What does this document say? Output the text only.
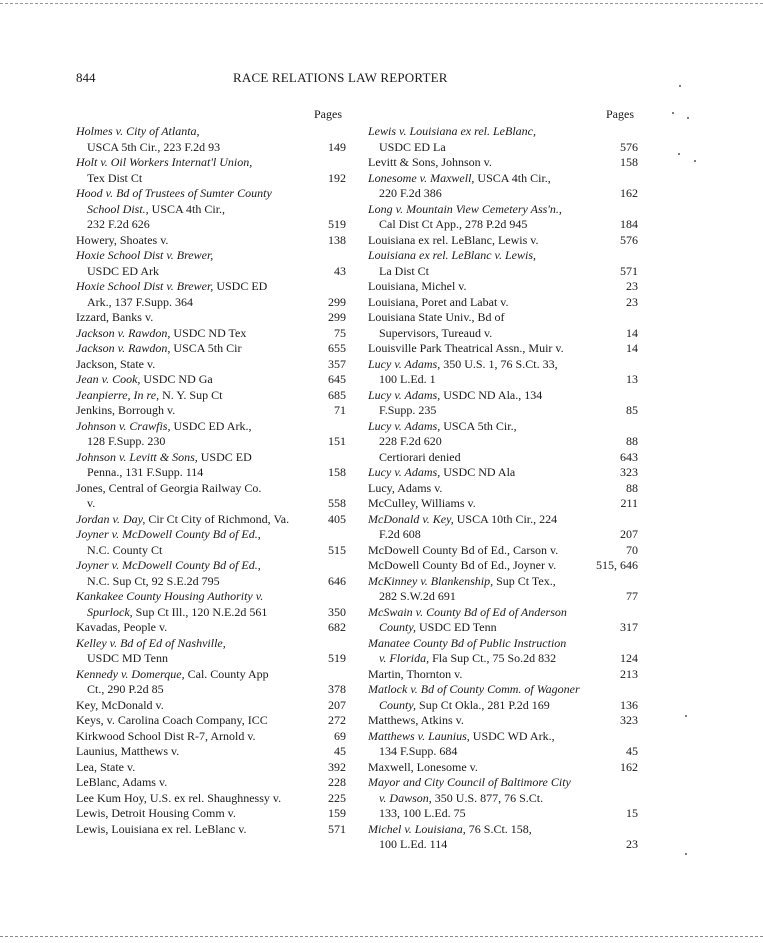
844	RACE RELATIONS LAW REPORTER
Pages	Pages
Holmes v. City of Atlanta,
USCA 5th Cir., 223 F.2d 93	149
Holt v. Oil Workers Internat'l Union,
Tex Dist Ct	192
Hood v. Bd of Trustees of Sumter County
School Dist., USCA 4th Cir.,
232 F.2d 626	519
Howery, Shoates v.	138
Hoxie School Dist v. Brewer,
USDC ED Ark	43
Hoxie School Dist v. Brewer, USDC ED
Ark., 137 F.Supp. 364	299
Izzard, Banks v.	299
Jackson v. Rawdon, USDC ND Tex	75
Jackson v. Rawdon, USCA 5th Cir	655
Jackson, State v.	357
Jean v. Cook, USDC ND Ga	645
Jeanpierre, In re, N. Y. Sup Ct	685
Jenkins, Borrough v.	71
Johnson v. Crawfis, USDC ED Ark.,
128 F.Supp. 230	151
Johnson v. Levitt & Sons, USDC ED
Penna., 131 F.Supp. 114	158
Jones, Central of Georgia Railway Co.
v.	558
Jordan v. Day, Cir Ct City of Richmond, Va.	405
Joyner v. McDowell County Bd of Ed.,
N.C. County Ct	515
Joyner v. McDowell County Bd of Ed.,
N.C. Sup Ct, 92 S.E.2d 795	646
Kankakee County Housing Authority v.
Spurlock, Sup Ct Ill., 120 N.E.2d 561	350
Kavadas, People v.	682
Kelley v. Bd of Ed of Nashville,
USDC MD Tenn	519
Kennedy v. Domerque, Cal. County App
Ct., 290 P.2d 85	378
Key, McDonald v.	207
Keys, v. Carolina Coach Company, ICC	272
Kirkwood School Dist R-7, Arnold v.	69
Launius, Matthews v.	45
Lea, State v.	392
LeBlanc, Adams v.	228
Lee Kum Hoy, U.S. ex rel. Shaughnessy v.	225
Lewis, Detroit Housing Comm v.	159
Lewis, Louisiana ex rel. LeBlanc v.	571
Lewis v. Louisiana ex rel. LeBlanc,
USDC ED La	576
Levitt & Sons, Johnson v.	158
Lonesome v. Maxwell, USCA 4th Cir.,
220 F.2d 386	162
Long v. Mountain View Cemetery Ass'n.,
Cal Dist Ct App., 278 P.2d 945	184
Louisiana ex rel. LeBlanc, Lewis v.	576
Louisiana ex rel. LeBlanc v. Lewis,
La Dist Ct	571
Louisiana, Michel v.	23
Louisiana, Poret and Labat v.	23
Louisiana State Univ., Bd of
Supervisors, Tureaud v.	14
Louisville Park Theatrical Assn., Muir v.	14
Lucy v. Adams, 350 U.S. 1, 76 S.Ct. 33,
100 L.Ed. 1	13
Lucy v. Adams, USDC ND Ala., 134
F.Supp. 235	85
Lucy v. Adams, USCA 5th Cir.,
228 F.2d 620	88
Certiorari denied	643
Lucy v. Adams, USDC ND Ala	323
Lucy, Adams v.	88
McCulley, Williams v.	211
McDonald v. Key, USCA 10th Cir., 224
F.2d 608	207
McDowell County Bd of Ed., Carson v.	70
McDowell County Bd of Ed., Joyner v.	515, 646
McKinney v. Blankenship, Sup Ct Tex.,
282 S.W.2d 691	77
McSwain v. County Bd of Ed of Anderson
County, USDC ED Tenn	317
Manatee County Bd of Public Instruction
v. Florida, Fla Sup Ct., 75 So.2d 832	124
Martin, Thornton v.	213
Matlock v. Bd of County Comm. of Wagoner
County, Sup Ct Okla., 281 P.2d 169	136
Matthews, Atkins v.	323
Matthews v. Launius, USDC WD Ark.,
134 F.Supp. 684	45
Maxwell, Lonesome v.	162
Mayor and City Council of Baltimore City
v. Dawson, 350 U.S. 877, 76 S.Ct.
133, 100 L.Ed. 75	15
Michel v. Louisiana, 76 S.Ct. 158,
100 L.Ed. 114	23
